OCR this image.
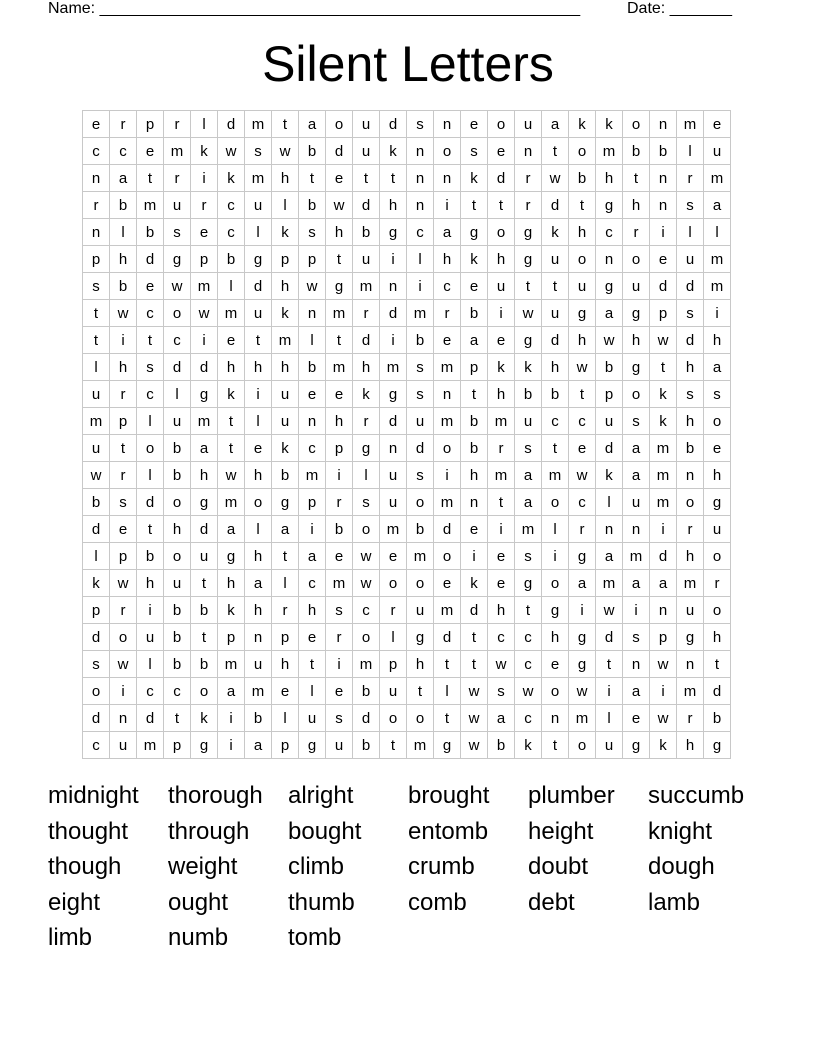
Name: ______________________________________________________	Date: _______
Silent Letters
e	r	p	r	l	d	m	t	a	o	u	d	s	n	e	o	u	a	k	k	o	n	m	e
c	c	e	m	k	w	s	w	b	d	u	k	n	o	s	e	n	t	o	m	b	b	l	u
n	a	t	r	i	k	m	h	t	e	t	t	n	n	k	d	r	w	b	h	t	n	r	m
r	b	m	u	r	c	u	l	b	w	d	h	n	i	t	t	r	d	t	g	h	n	s	a
n	l	b	s	e	c	l	k	s	h	b	g	c	a	g	o	g	k	h	c	r	i	l	l
p	h	d	g	p	b	g	p	p	t	u	i	l	h	k	h	g	u	o	n	o	e	u	m
s	b	e	w	m	l	d	h	w	g	m	n	i	c	e	u	t	t	u	g	u	d	d	m
t	w	c	o	w	m	u	k	n	m	r	d	m	r	b	i	w	u	g	a	g	p	s	i
t	i	t	c	i	e	t	m	l	t	d	i	b	e	a	e	g	d	h	w	h	w	d	h
l	h	s	d	d	h	h	h	b	m	h	m	s	m	p	k	k	h	w	b	g	t	h	a
u	r	c	l	g	k	i	u	e	e	k	g	s	n	t	h	b	b	t	p	o	k	s	s
m	p	l	u	m	t	l	u	n	h	r	d	u	m	b	m	u	c	c	u	s	k	h	o
u	t	o	b	a	t	e	k	c	p	g	n	d	o	b	r	s	t	e	d	a	m	b	e
w	r	l	b	h	w	h	b	m	i	l	u	s	i	h	m	a	m	w	k	a	m	n	h
b	s	d	o	g	m	o	g	p	r	s	u	o	m	n	t	a	o	c	l	u	m	o	g
d	e	t	h	d	a	l	a	i	b	o	m	b	d	e	i	m	l	r	n	n	i	r	u
l	p	b	o	u	g	h	t	a	e	w	e	m	o	i	e	s	i	g	a	m	d	h	o
k	w	h	u	t	h	a	l	c	m	w	o	o	e	k	e	g	o	a	m	a	a	m	r
p	r	i	b	b	k	h	r	h	s	c	r	u	m	d	h	t	g	i	w	i	n	u	o
d	o	u	b	t	p	n	p	e	r	o	l	g	d	t	c	c	h	g	d	s	p	g	h
s	w	l	b	b	m	u	h	t	i	m	p	h	t	t	w	c	e	g	t	n	w	n	t
o	i	c	c	o	a	m	e	l	e	b	u	t	l	w	s	w	o	w	i	a	i	m	d
d	n	d	t	k	i	b	l	u	s	d	o	o	t	w	a	c	n	m	l	e	w	r	b
c	u	m	p	g	i	a	p	g	u	b	t	m	g	w	b	k	t	o	u	g	k	h	g
midnight	thorough	alright	brought	plumber	succumb
thought	through	bought	entomb	height	knight
though	weight	climb	crumb	doubt	dough
eight	ought	thumb	comb	debt	lamb
limb	numb	tomb
